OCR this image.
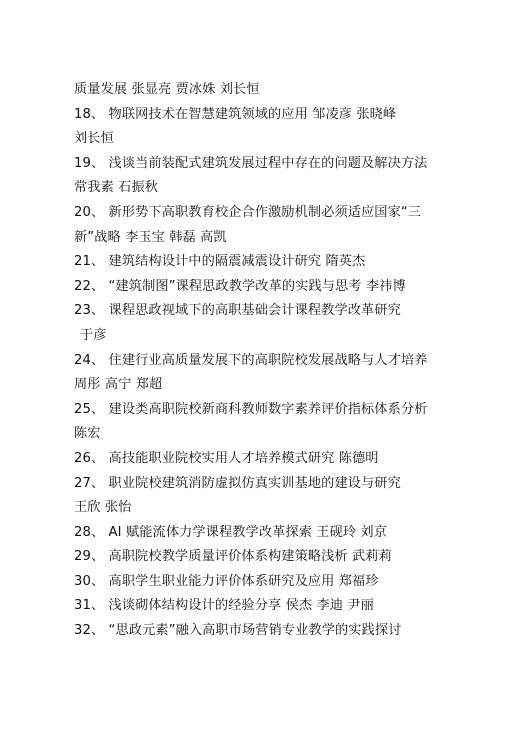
质量发展 张显亮 贾冰姝 刘长恒
18、 物联网技术在智慧建筑领域的应用 邹凌彦 张晓峰
刘长恒
19、 浅谈当前装配式建筑发展过程中存在的问题及解决方法
常我素 石振秋
20、 新形势下高职教育校企合作激励机制必须适应国家“三
新”战略 李玉宝 韩磊 高凯
21、 建筑结构设计中的隔震减震设计研究 隋英杰
22、 “建筑制图”课程思政教学改革的实践与思考 李祎博
23、 课程思政视域下的高职基础会计课程教学改革研究
于彦
24、 住建行业高质量发展下的高职院校发展战略与人才培养
周彤 高宁 郑超
25、 建设类高职院校新商科教师数字素养评价指标体系分析
陈宏
26、 高技能职业院校实用人才培养模式研究 陈德明
27、 职业院校建筑消防虚拟仿真实训基地的建设与研究
王欣 张怡
28、 AI 赋能流体力学课程教学改革探索 王砚玲 刘京
29、 高职院校教学质量评价体系构建策略浅析 武莉莉
30、 高职学生职业能力评价体系研究及应用 郑福珍
31、 浅谈砌体结构设计的经验分享 侯杰 李迪 尹丽
32、 “思政元素”融入高职市场营销专业教学的实践探讨
